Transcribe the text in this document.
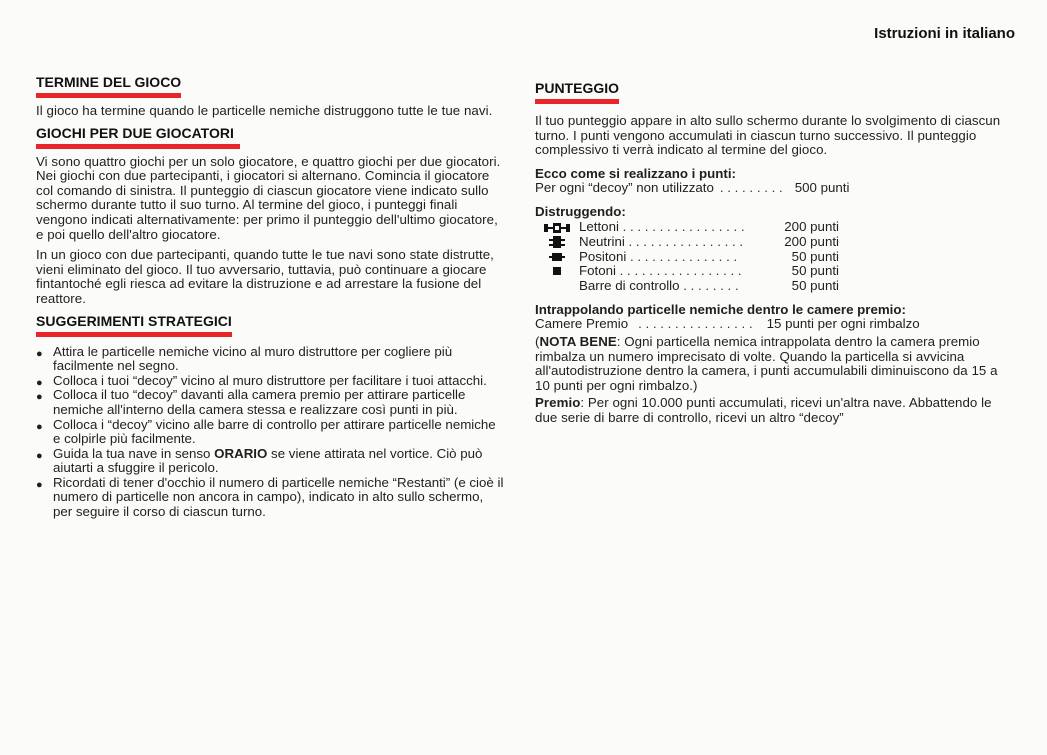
Istruzioni in italiano
TERMINE DEL GIOCO

Il gioco ha termine quando le particelle nemiche distruggono tutte le tue navi.

GIOCHI PER DUE GIOCATORI

Vi sono quattro giochi per un solo giocatore, e quattro giochi per due giocatori. Nei giochi con due partecipanti, i giocatori si alternano. Comincia il giocatore col comando di sinistra. Il punteggio di ciascun giocatore viene indicato sullo schermo durante tutto il suo turno. Al termine del gioco, i punteggi finali vengono indicati alternativamente: per primo il punteggio dell'ultimo giocatore, e poi quello dell'altro giocatore.

In un gioco con due partecipanti, quando tutte le tue navi sono state distrutte, vieni eliminato del gioco. Il tuo avversario, tuttavia, può continuare a giocare fintantoché egli riesca ad evitare la distruzione e ad arrestare la fusione del reattore.

SUGGERIMENTI STRATEGICI
● Attira le particelle nemiche vicino al muro distruttore per cogliere più facilmente nel segno.
● Colloca i tuoi “decoy” vicino al muro distruttore per facilitare i tuoi attacchi.
● Colloca il tuo “decoy” davanti alla camera premio per attirare particelle nemiche all'interno della camera stessa e realizzare così punti in più.
● Colloca i “decoy” vicino alle barre di controllo per attirare particelle nemiche e colpirle più facilmente.
● Guida la tua nave in senso ORARIO se viene attirata nel vortice. Ciò può aiutarti a sfuggire il pericolo.
● Ricordati di tener d'occhio il numero di particelle nemiche “Restanti” (e cioè il numero di particelle non ancora in campo), indicato in alto sullo schermo, per seguire il corso di ciascun turno.
PUNTEGGIO

Il tuo punteggio appare in alto sullo schermo durante lo svolgimento di ciascun turno. I punti vengono accumulati in ciascun turno successivo. Il punteggio complessivo ti verrà indicato al termine del gioco.

Ecco come si realizzano i punti:
Per ogni “decoy” non utilizzato . . . . . . . . . 500 punti
Distruggendo:
Lettoni . . . . . . . . . . . . . . . . .	200 punti
Neutrini . . . . . . . . . . . . . . . .	200 punti
Positoni . . . . . . . . . . . . . . .	50 punti
Fotoni . . . . . . . . . . . . . . . . .	50 punti
Barre di controllo . . . . . . . .	50 punti
Intrappolando particelle nemiche dentro le camere premio:
Camere Premio . . . . . . . . . . . . . . . . 15 punti per ogni rimbalzo

(NOTA BENE: Ogni particella nemica intrappolata dentro la camera premio rimbalza un numero imprecisato di volte. Quando la particella si avvicina all'autodistruzione dentro la camera, i punti accumulabili diminuiscono da 15 a 10 punti per ogni rimbalzo.)

Premio: Per ogni 10.000 punti accumulati, ricevi un'altra nave. Abbattendo le due serie di barre di controllo, ricevi un altro “decoy”
